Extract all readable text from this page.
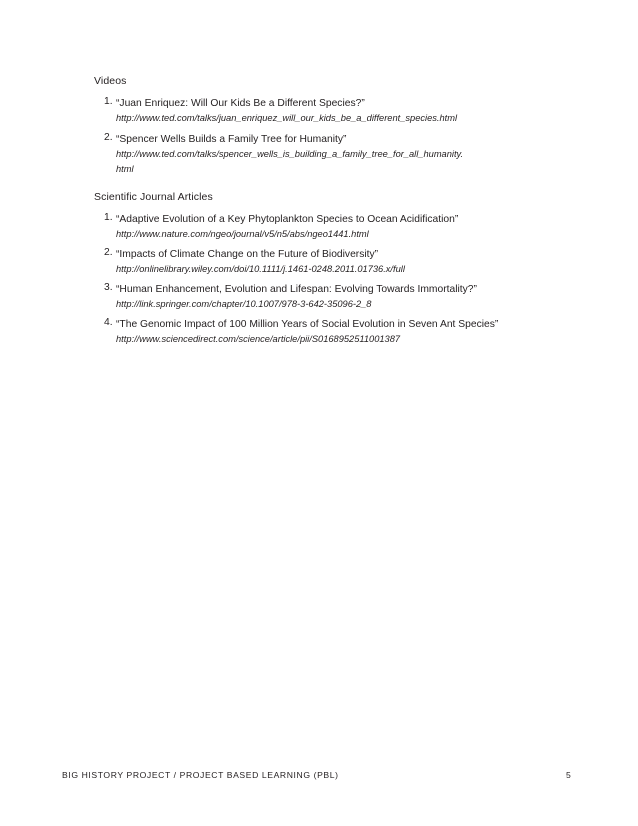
Videos

1. “Juan Enriquez: Will Our Kids Be a Different Species?”
http://www.ted.com/talks/juan_enriquez_will_our_kids_be_a_different_species.html
2. “Spencer Wells Builds a Family Tree for Humanity”
http://www.ted.com/talks/spencer_wells_is_building_a_family_tree_for_all_humanity.
html

Scientific Journal Articles

1. “Adaptive Evolution of a Key Phytoplankton Species to Ocean Acidification”
http://www.nature.com/ngeo/journal/v5/n5/abs/ngeo1441.html
2. “Impacts of Climate Change on the Future of Biodiversity”
http://onlinelibrary.wiley.com/doi/10.1111/j.1461-0248.2011.01736.x/full
3. “Human Enhancement, Evolution and Lifespan: Evolving Towards Immortality?”
http://link.springer.com/chapter/10.1007/978-3-642-35096-2_8
4. “The Genomic Impact of 100 Million Years of Social Evolution in Seven Ant Species”
http://www.sciencedirect.com/science/article/pii/S0168952511001387
BIG HISTORY PROJECT / PROJECT BASED LEARNING (PBL)	5
